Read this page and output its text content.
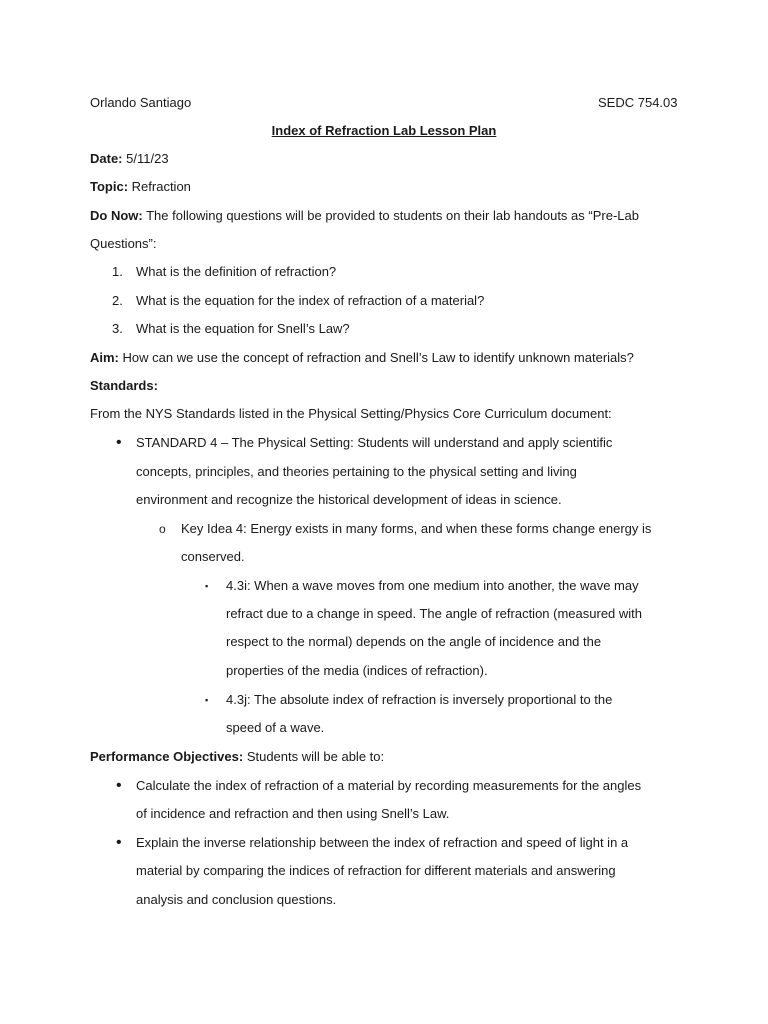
Orlando Santiago	SEDC 754.03
Index of Refraction Lab Lesson Plan
Date: 5/11/23
Topic: Refraction
Do Now: The following questions will be provided to students on their lab handouts as “Pre-Lab
Questions”:
1. What is the definition of refraction?
2. What is the equation for the index of refraction of a material?
3. What is the equation for Snell’s Law?
Aim: How can we use the concept of refraction and Snell’s Law to identify unknown materials?
Standards:
From the NYS Standards listed in the Physical Setting/Physics Core Curriculum document:
• STANDARD 4 – The Physical Setting: Students will understand and apply scientific
concepts, principles, and theories pertaining to the physical setting and living
environment and recognize the historical development of ideas in science.
o Key Idea 4: Energy exists in many forms, and when these forms change energy is
conserved.
▪ 4.3i: When a wave moves from one medium into another, the wave may
refract due to a change in speed. The angle of refraction (measured with
respect to the normal) depends on the angle of incidence and the
properties of the media (indices of refraction).
▪ 4.3j: The absolute index of refraction is inversely proportional to the
speed of a wave.
Performance Objectives: Students will be able to:
• Calculate the index of refraction of a material by recording measurements for the angles
of incidence and refraction and then using Snell’s Law.
• Explain the inverse relationship between the index of refraction and speed of light in a
material by comparing the indices of refraction for different materials and answering
analysis and conclusion questions.
